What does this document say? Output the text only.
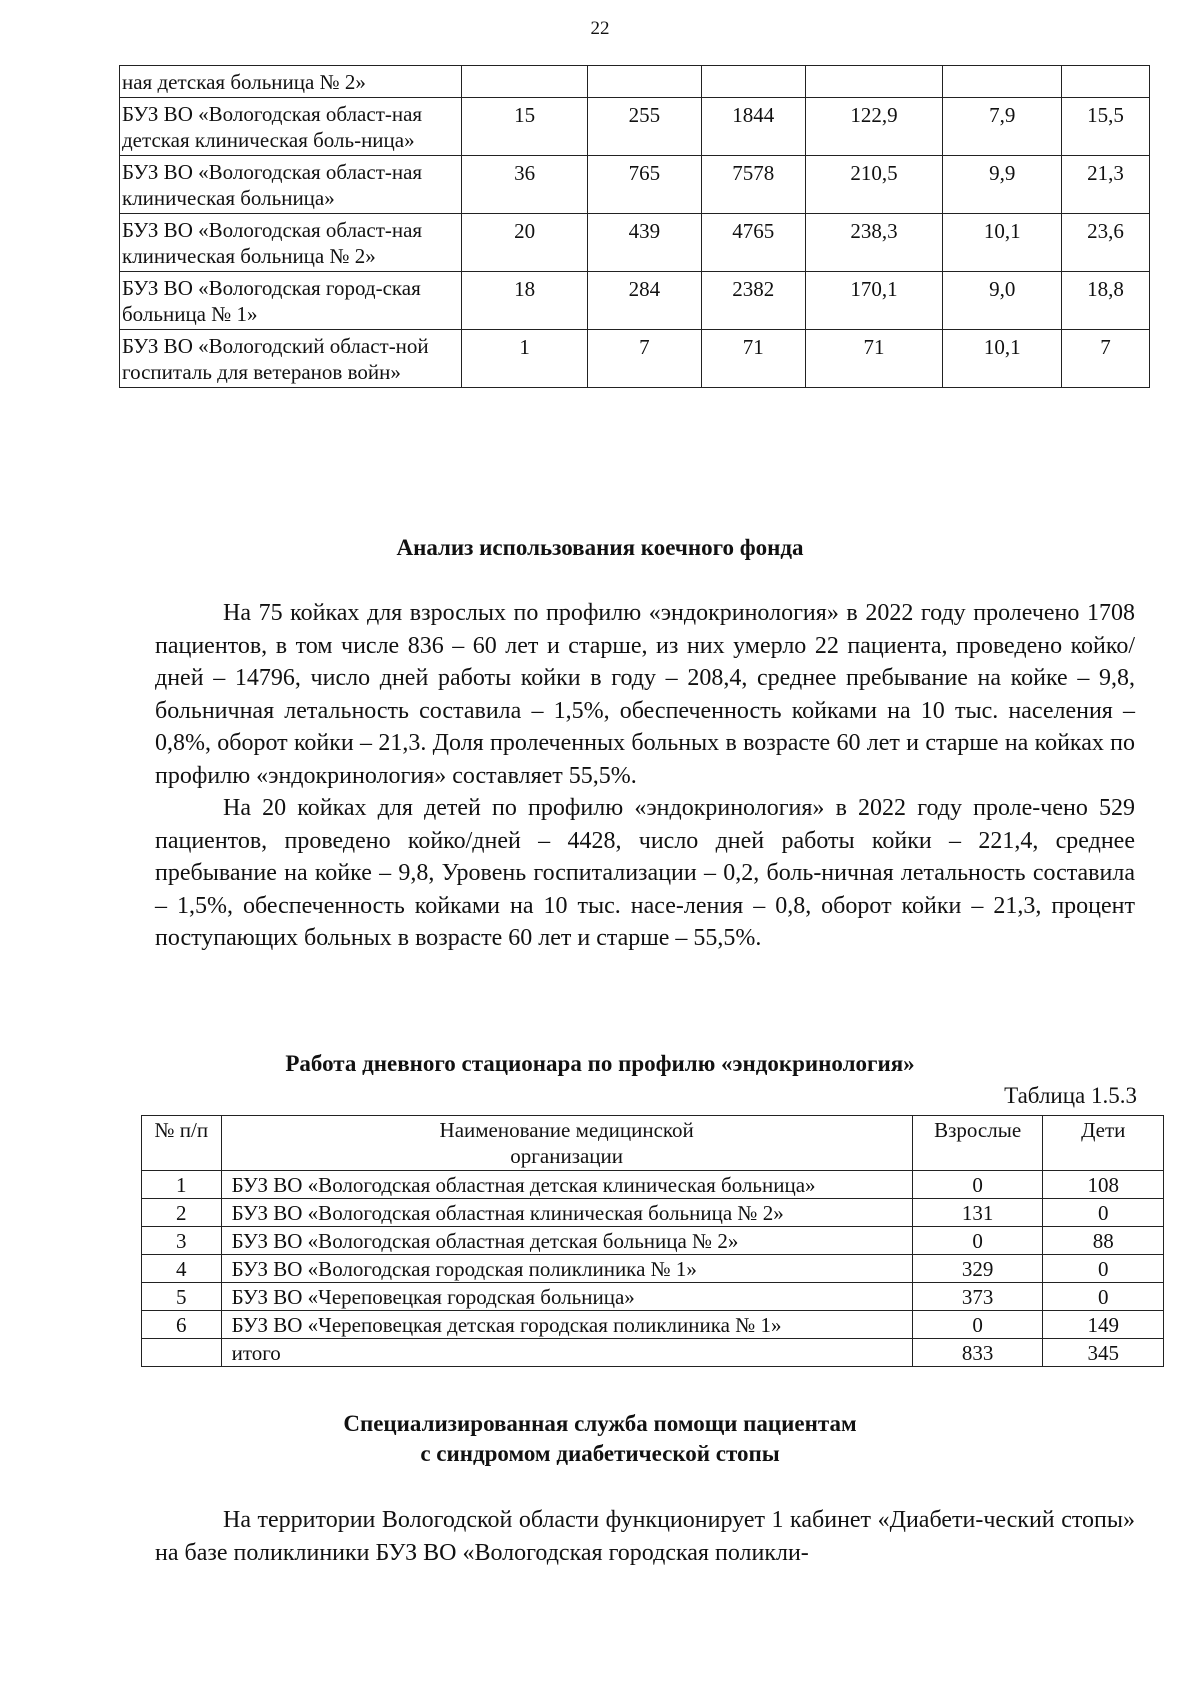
22
ная детская больница № 2»						
БУЗ ВО «Вологодская област-ная детская клиническая боль-ница»	15	255	1844	122,9	7,9	15,5
БУЗ ВО «Вологодская област-ная клиническая больница»	36	765	7578	210,5	9,9	21,3
БУЗ ВО «Вологодская област-ная клиническая больница № 2»	20	439	4765	238,3	10,1	23,6
БУЗ ВО «Вологодская город-ская больница № 1»	18	284	2382	170,1	9,0	18,8
БУЗ ВО «Вологодский област-ной госпиталь для ветеранов войн»	1	7	71	71	10,1	7
Анализ использования коечного фонда

На 75 койках для взрослых по профилю «эндокринология» в 2022 году пролечено 1708 пациентов, в том числе 836 – 60 лет и старше, из них умерло 22 пациента, проведено койко/дней – 14796, число дней работы койки в году – 208,4, среднее пребывание на койке – 9,8, больничная летальность составила – 1,5%, обеспеченность койками на 10 тыс. населения – 0,8%, оборот койки – 21,3. Доля пролеченных больных в возрасте 60 лет и старше на койках по профилю «эндокринология» составляет 55,5%.

На 20 койках для детей по профилю «эндокринология» в 2022 году проле-чено 529 пациентов, проведено койко/дней – 4428, число дней работы койки – 221,4, среднее пребывание на койке – 9,8, Уровень госпитализации – 0,2, боль-ничная летальность составила – 1,5%, обеспеченность койками на 10 тыс. насе-ления – 0,8, оборот койки – 21,3, процент поступающих больных в возрасте 60 лет и старше – 55,5%.

Работа дневного стационара по профилю «эндокринология»
Таблица 1.5.3
№ п/п	Наименование медицинской организации	Взрослые	Дети
1	БУЗ ВО «Вологодская областная детская клиническая больница»	0	108
2	БУЗ ВО «Вологодская областная клиническая больница № 2»	131	0
3	БУЗ ВО «Вологодская областная детская больница № 2»	0	88
4	БУЗ ВО «Вологодская городская поликлиника № 1»	329	0
5	БУЗ ВО «Череповецкая городская больница»	373	0
6	БУЗ ВО «Череповецкая детская городская поликлиника № 1»	0	149
	итого	833	345
Специализированная служба помощи пациентам
с синдромом диабетической стопы

На территории Вологодской области функционирует 1 кабинет «Диабети-ческий стопы» на базе поликлиники БУЗ ВО «Вологодская городская поликли-
